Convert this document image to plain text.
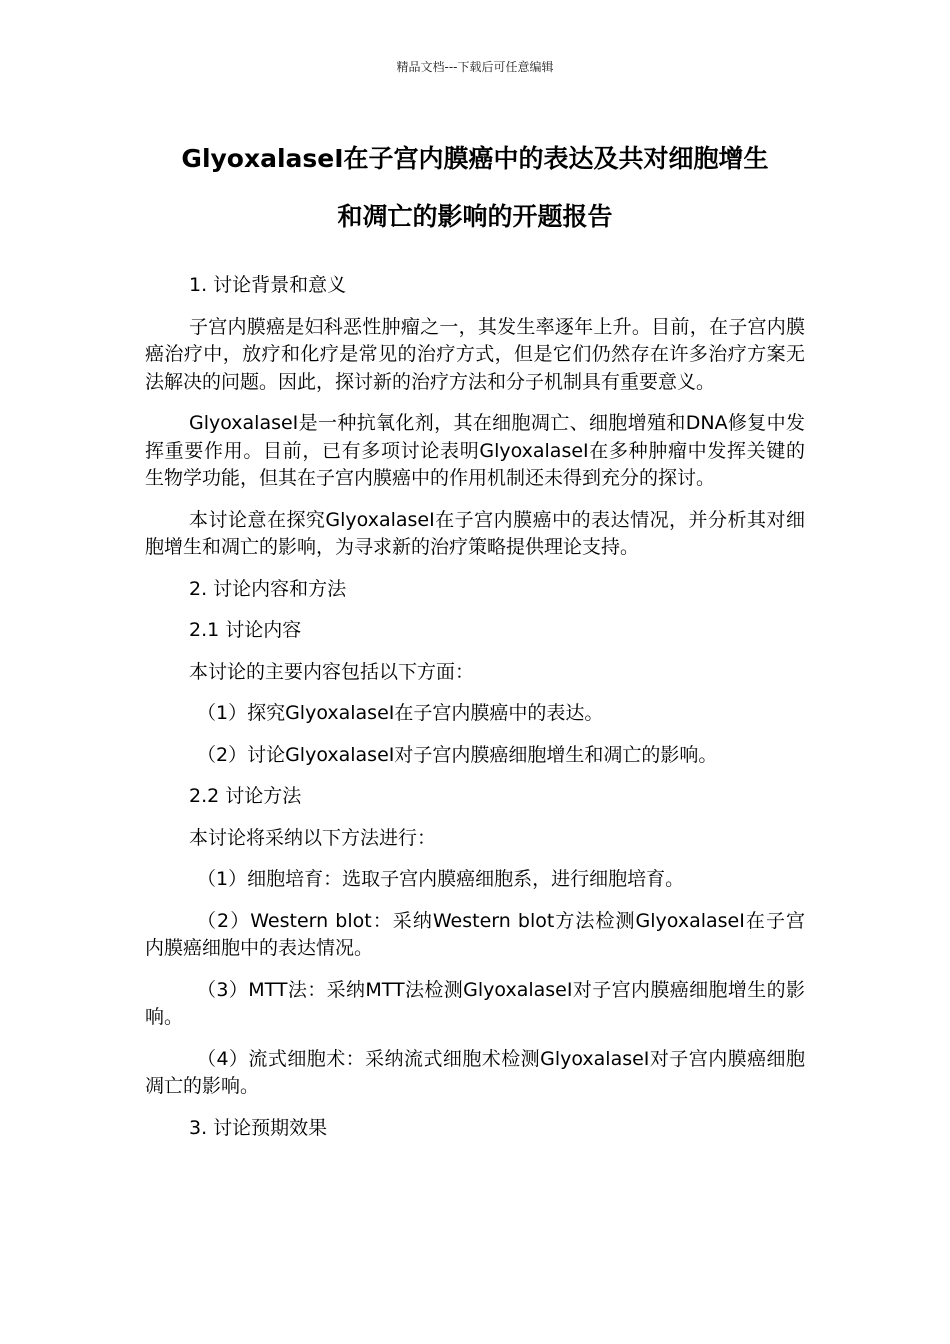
精品文档---下载后可任意编辑
GlyoxalaseI在子宫内膜癌中的表达及共对细胞增生
和凋亡的影响的开题报告

1. 讨论背景和意义

子宫内膜癌是妇科恶性肿瘤之一，其发生率逐年上升。目前，在子宫内膜癌治疗中，放疗和化疗是常见的治疗方式，但是它们仍然存在许多治疗方案无法解决的问题。因此，探讨新的治疗方法和分子机制具有重要意义。

GlyoxalaseI是一种抗氧化剂，其在细胞凋亡、细胞增殖和DNA修复中发挥重要作用。目前，已有多项讨论表明GlyoxalaseI在多种肿瘤中发挥关键的生物学功能，但其在子宫内膜癌中的作用机制还未得到充分的探讨。

本讨论意在探究GlyoxalaseI在子宫内膜癌中的表达情况，并分析其对细胞增生和凋亡的影响，为寻求新的治疗策略提供理论支持。

2. 讨论内容和方法

2.1 讨论内容

本讨论的主要内容包括以下方面：

（1）探究GlyoxalaseI在子宫内膜癌中的表达。

（2）讨论GlyoxalaseI对子宫内膜癌细胞增生和凋亡的影响。

2.2 讨论方法

本讨论将采纳以下方法进行：

（1）细胞培育：选取子宫内膜癌细胞系，进行细胞培育。

（2）Western blot：采纳Western blot方法检测GlyoxalaseI在子宫内膜癌细胞中的表达情况。

（3）MTT法：采纳MTT法检测GlyoxalaseI对子宫内膜癌细胞增生的影响。

（4）流式细胞术：采纳流式细胞术检测GlyoxalaseI对子宫内膜癌细胞凋亡的影响。

3. 讨论预期效果
